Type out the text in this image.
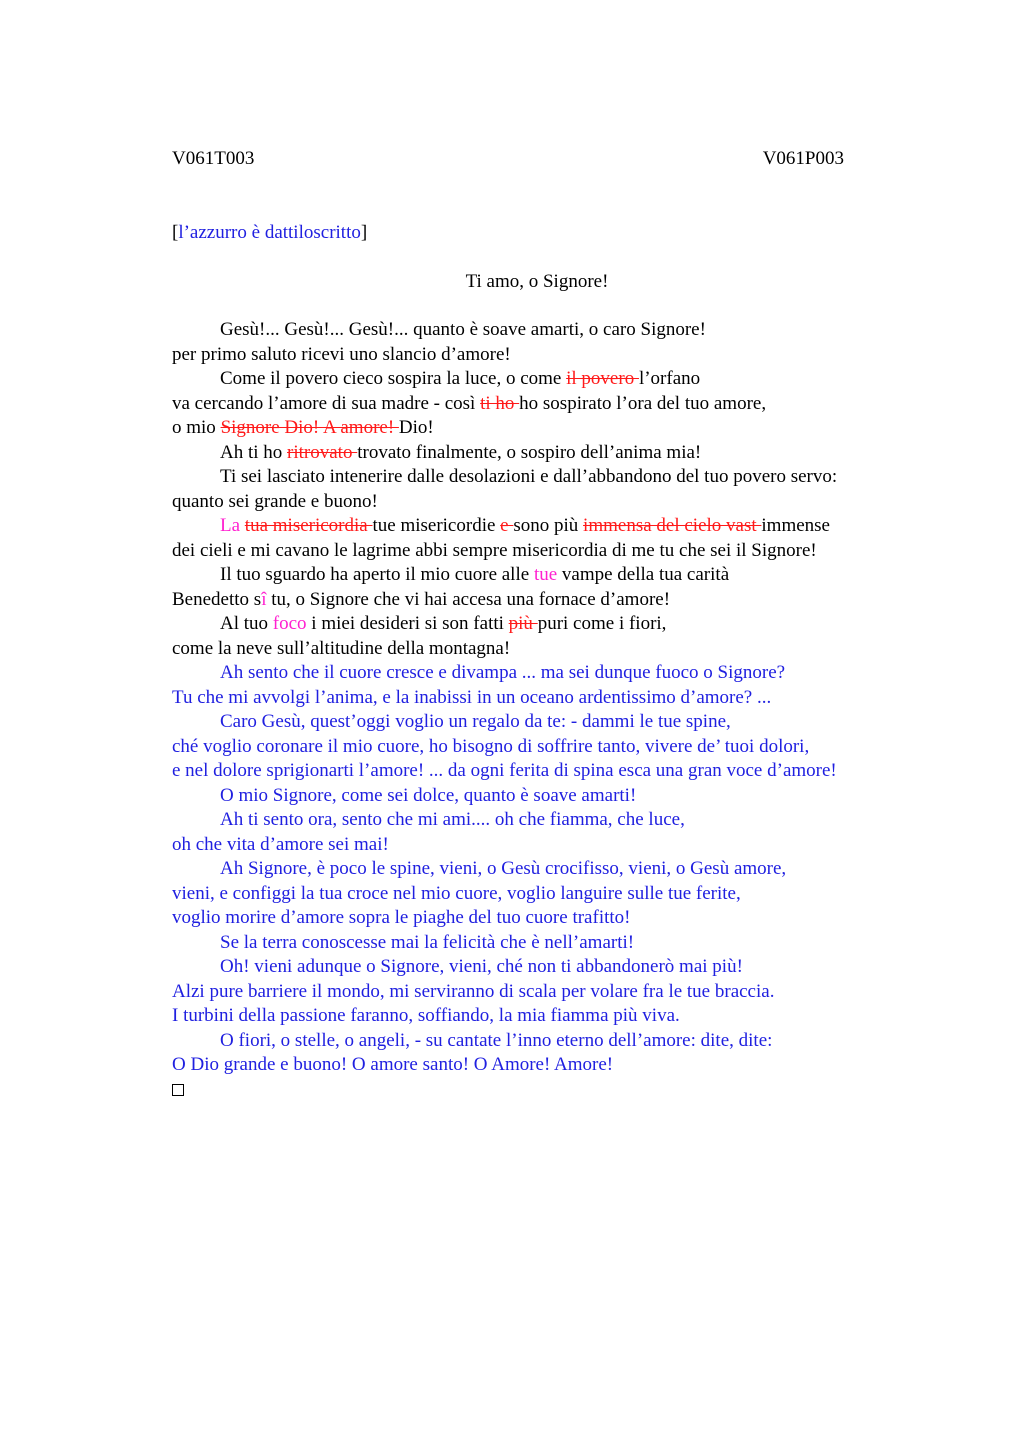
V061T003	V061P003
[l’azzurro è dattiloscritto]
Ti amo, o Signore!
Gesù!... Gesù!... Gesù!... quanto è soave amarti, o caro Signore!
per primo saluto ricevi uno slancio d’amore!
Come il povero cieco sospira la luce, o come il povero l’orfano
va cercando l’amore di sua madre - così ti ho ho sospirato l’ora del tuo amore,
o mio Signore Dio! A amore! Dio!
Ah ti ho ritrovato trovato finalmente, o sospiro dell’anima mia!
Ti sei lasciato intenerire dalle desolazioni e dall’abbandono del tuo povero servo:
quanto sei grande e buono!
La tua misericordia tue misericordie e sono più immensa del cielo vast immense
dei cieli e mi cavano le lagrime abbi sempre misericordia di me tu che sei il Signore!
Il tuo sguardo ha aperto il mio cuore alle tue vampe della tua carità
Benedetto sî tu, o Signore che vi hai accesa una fornace d’amore!
Al tuo foco i miei desideri si son fatti più puri come i fiori,
come la neve sull’altitudine della montagna!
Ah sento che il cuore cresce e divampa ... ma sei dunque fuoco o Signore?
Tu che mi avvolgi l’anima, e la inabissi in un oceano ardentissimo d’amore? ...
Caro Gesù, quest’oggi voglio un regalo da te: - dammi le tue spine,
ché voglio coronare il mio cuore, ho bisogno di soffrire tanto, vivere de’ tuoi dolori,
e nel dolore sprigionarti l’amore! ... da ogni ferita di spina esca una gran voce d’amore!
O mio Signore, come sei dolce, quanto è soave amarti!
Ah ti sento ora, sento che mi ami.... oh che fiamma, che luce,
oh che vita d’amore sei mai!
Ah Signore, è poco le spine, vieni, o Gesù crocifisso, vieni, o Gesù amore,
vieni, e configgi la tua croce nel mio cuore, voglio languire sulle tue ferite,
voglio morire d’amore sopra le piaghe del tuo cuore trafitto!
Se la terra conoscesse mai la felicità che è nell’amarti!
Oh! vieni adunque o Signore, vieni, ché non ti abbandonerò mai più!
Alzi pure barriere il mondo, mi serviranno di scala per volare fra le tue braccia.
I turbini della passione faranno, soffiando, la mia fiamma più viva.
O fiori, o stelle, o angeli, - su cantate l’inno eterno dell’amore: dite, dite:
O Dio grande e buono! O amore santo! O Amore! Amore!
